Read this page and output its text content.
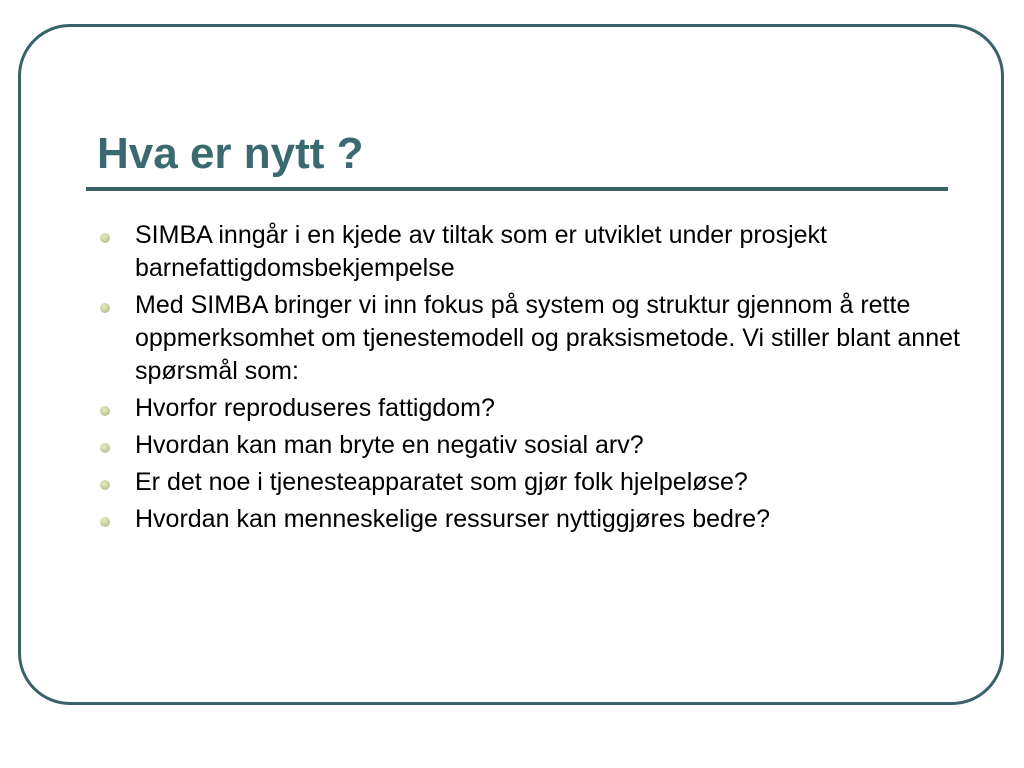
Hva er nytt ?
SIMBA inngår i en kjede av tiltak som er utviklet under prosjekt barnefattigdomsbekjempelse
Med SIMBA bringer vi inn fokus på system og struktur gjennom å rette oppmerksomhet om tjenestemodell og praksismetode. Vi stiller blant annet spørsmål som:
Hvorfor reproduseres fattigdom?
Hvordan kan man bryte en negativ sosial arv?
Er det noe i tjenesteapparatet som gjør folk hjelpeløse?
Hvordan kan menneskelige ressurser nyttiggjøres bedre?
